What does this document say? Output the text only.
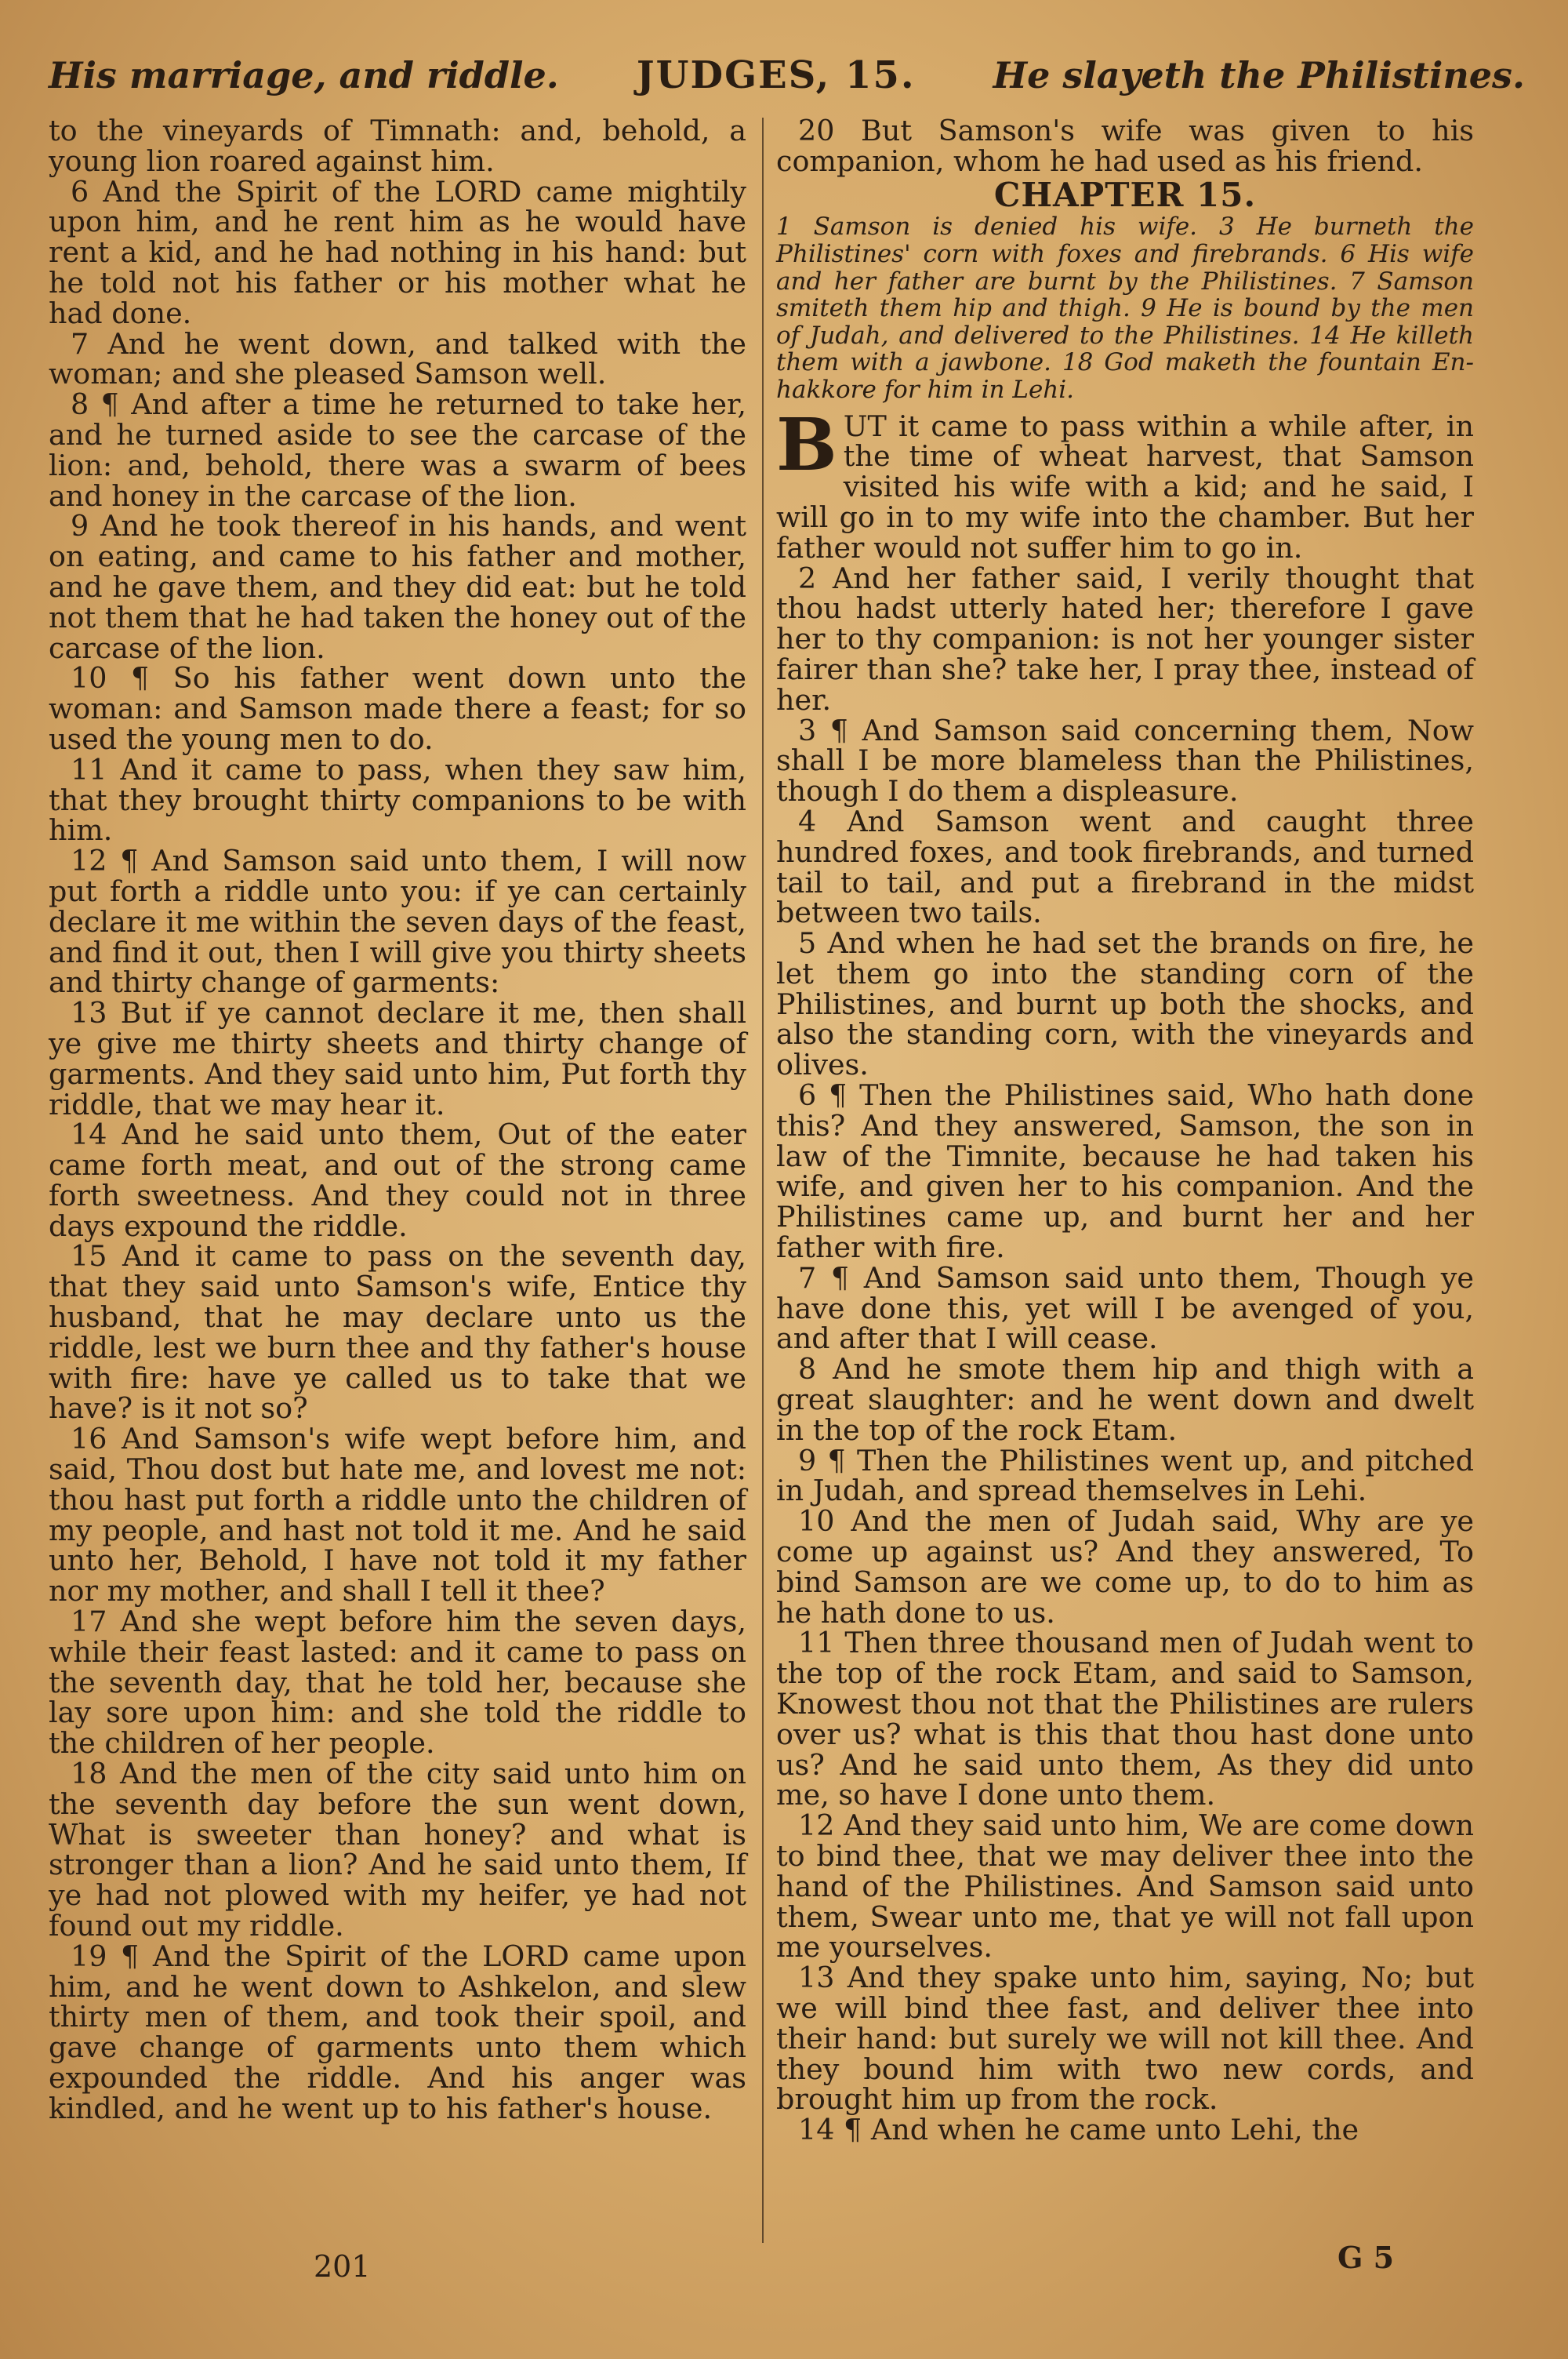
His marriage, and riddle. JUDGES, 15. He slayeth the Philistines.

to the vineyards of Timnath: and, behold, a young lion roared against him.

6 And the Spirit of the LORD came mightily upon him, and he rent him as he would have rent a kid, and he had nothing in his hand: but he told not his father or his mother what he had done.

7 And he went down, and talked with the woman; and she pleased Samson well.

8 ¶ And after a time he returned to take her, and he turned aside to see the carcase of the lion: and, behold, there was a swarm of bees and honey in the carcase of the lion.

9 And he took thereof in his hands, and went on eating, and came to his father and mother, and he gave them, and they did eat: but he told not them that he had taken the honey out of the carcase of the lion.

10 ¶ So his father went down unto the woman: and Samson made there a feast; for so used the young men to do.

11 And it came to pass, when they saw him, that they brought thirty companions to be with him.

12 ¶ And Samson said unto them, I will now put forth a riddle unto you: if ye can certainly declare it me within the seven days of the feast, and find it out, then I will give you thirty sheets and thirty change of garments:

13 But if ye cannot declare it me, then shall ye give me thirty sheets and thirty change of garments. And they said unto him, Put forth thy riddle, that we may hear it.

14 And he said unto them, Out of the eater came forth meat, and out of the strong came forth sweetness. And they could not in three days expound the riddle.

15 And it came to pass on the seventh day, that they said unto Samson's wife, Entice thy husband, that he may declare unto us the riddle, lest we burn thee and thy father's house with fire: have ye called us to take that we have? is it not so?

16 And Samson's wife wept before him, and said, Thou dost but hate me, and lovest me not: thou hast put forth a riddle unto the children of my people, and hast not told it me. And he said unto her, Behold, I have not told it my father nor my mother, and shall I tell it thee?

17 And she wept before him the seven days, while their feast lasted: and it came to pass on the seventh day, that he told her, because she lay sore upon him: and she told the riddle to the children of her people.

18 And the men of the city said unto him on the seventh day before the sun went down, What is sweeter than honey? and what is stronger than a lion? And he said unto them, If ye had not plowed with my heifer, ye had not found out my riddle.

19 ¶ And the Spirit of the LORD came upon him, and he went down to Ashkelon, and slew thirty men of them, and took their spoil, and gave change of garments unto them which expounded the riddle. And his anger was kindled, and he went up to his father's house.

20 But Samson's wife was given to his companion, whom he had used as his friend.

CHAPTER 15.

1 Samson is denied his wife. 3 He burneth the Philistines' corn with foxes and firebrands. 6 His wife and her father are burnt by the Philistines. 7 Samson smiteth them hip and thigh. 9 He is bound by the men of Judah, and delivered to the Philistines. 14 He killeth them with a jawbone. 18 God maketh the fountain En-hakkore for him in Lehi.

BUT it came to pass within a while after, in the time of wheat harvest, that Samson visited his wife with a kid; and he said, I will go in to my wife into the chamber. But her father would not suffer him to go in.

2 And her father said, I verily thought that thou hadst utterly hated her; therefore I gave her to thy companion: is not her younger sister fairer than she? take her, I pray thee, instead of her.

3 ¶ And Samson said concerning them, Now shall I be more blameless than the Philistines, though I do them a displeasure.

4 And Samson went and caught three hundred foxes, and took firebrands, and turned tail to tail, and put a firebrand in the midst between two tails.

5 And when he had set the brands on fire, he let them go into the standing corn of the Philistines, and burnt up both the shocks, and also the standing corn, with the vineyards and olives.

6 ¶ Then the Philistines said, Who hath done this? And they answered, Samson, the son in law of the Timnite, because he had taken his wife, and given her to his companion. And the Philistines came up, and burnt her and her father with fire.

7 ¶ And Samson said unto them, Though ye have done this, yet will I be avenged of you, and after that I will cease.

8 And he smote them hip and thigh with a great slaughter: and he went down and dwelt in the top of the rock Etam.

9 ¶ Then the Philistines went up, and pitched in Judah, and spread themselves in Lehi.

10 And the men of Judah said, Why are ye come up against us? And they answered, To bind Samson are we come up, to do to him as he hath done to us.

11 Then three thousand men of Judah went to the top of the rock Etam, and said to Samson, Knowest thou not that the Philistines are rulers over us? what is this that thou hast done unto us? And he said unto them, As they did unto me, so have I done unto them.

12 And they said unto him, We are come down to bind thee, that we may deliver thee into the hand of the Philistines. And Samson said unto them, Swear unto me, that ye will not fall upon me yourselves.

13 And they spake unto him, saying, No; but we will bind thee fast, and deliver thee into their hand: but surely we will not kill thee. And they bound him with two new cords, and brought him up from the rock.

14 ¶ And when he came unto Lehi, the

201	G 5
